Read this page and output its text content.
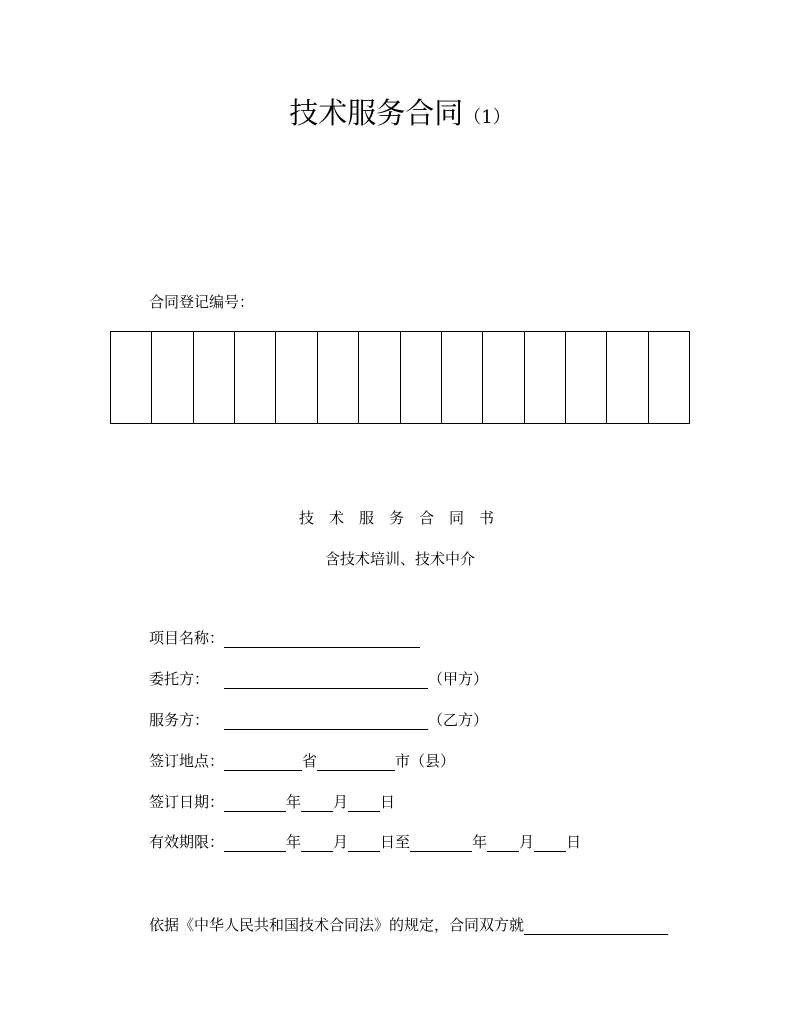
技术服务合同（1）
合同登记编号：
技术服务合同书
含技术培训、技术中介
项目名称：
委托方：	（甲方）
服务方：	（乙方）
签订地点：	省	市（县）
签订日期：	年 月 日
有效期限：	年 月 日至	年 月 日
依据《中华人民共和国技术合同法》的规定，合同双方就
